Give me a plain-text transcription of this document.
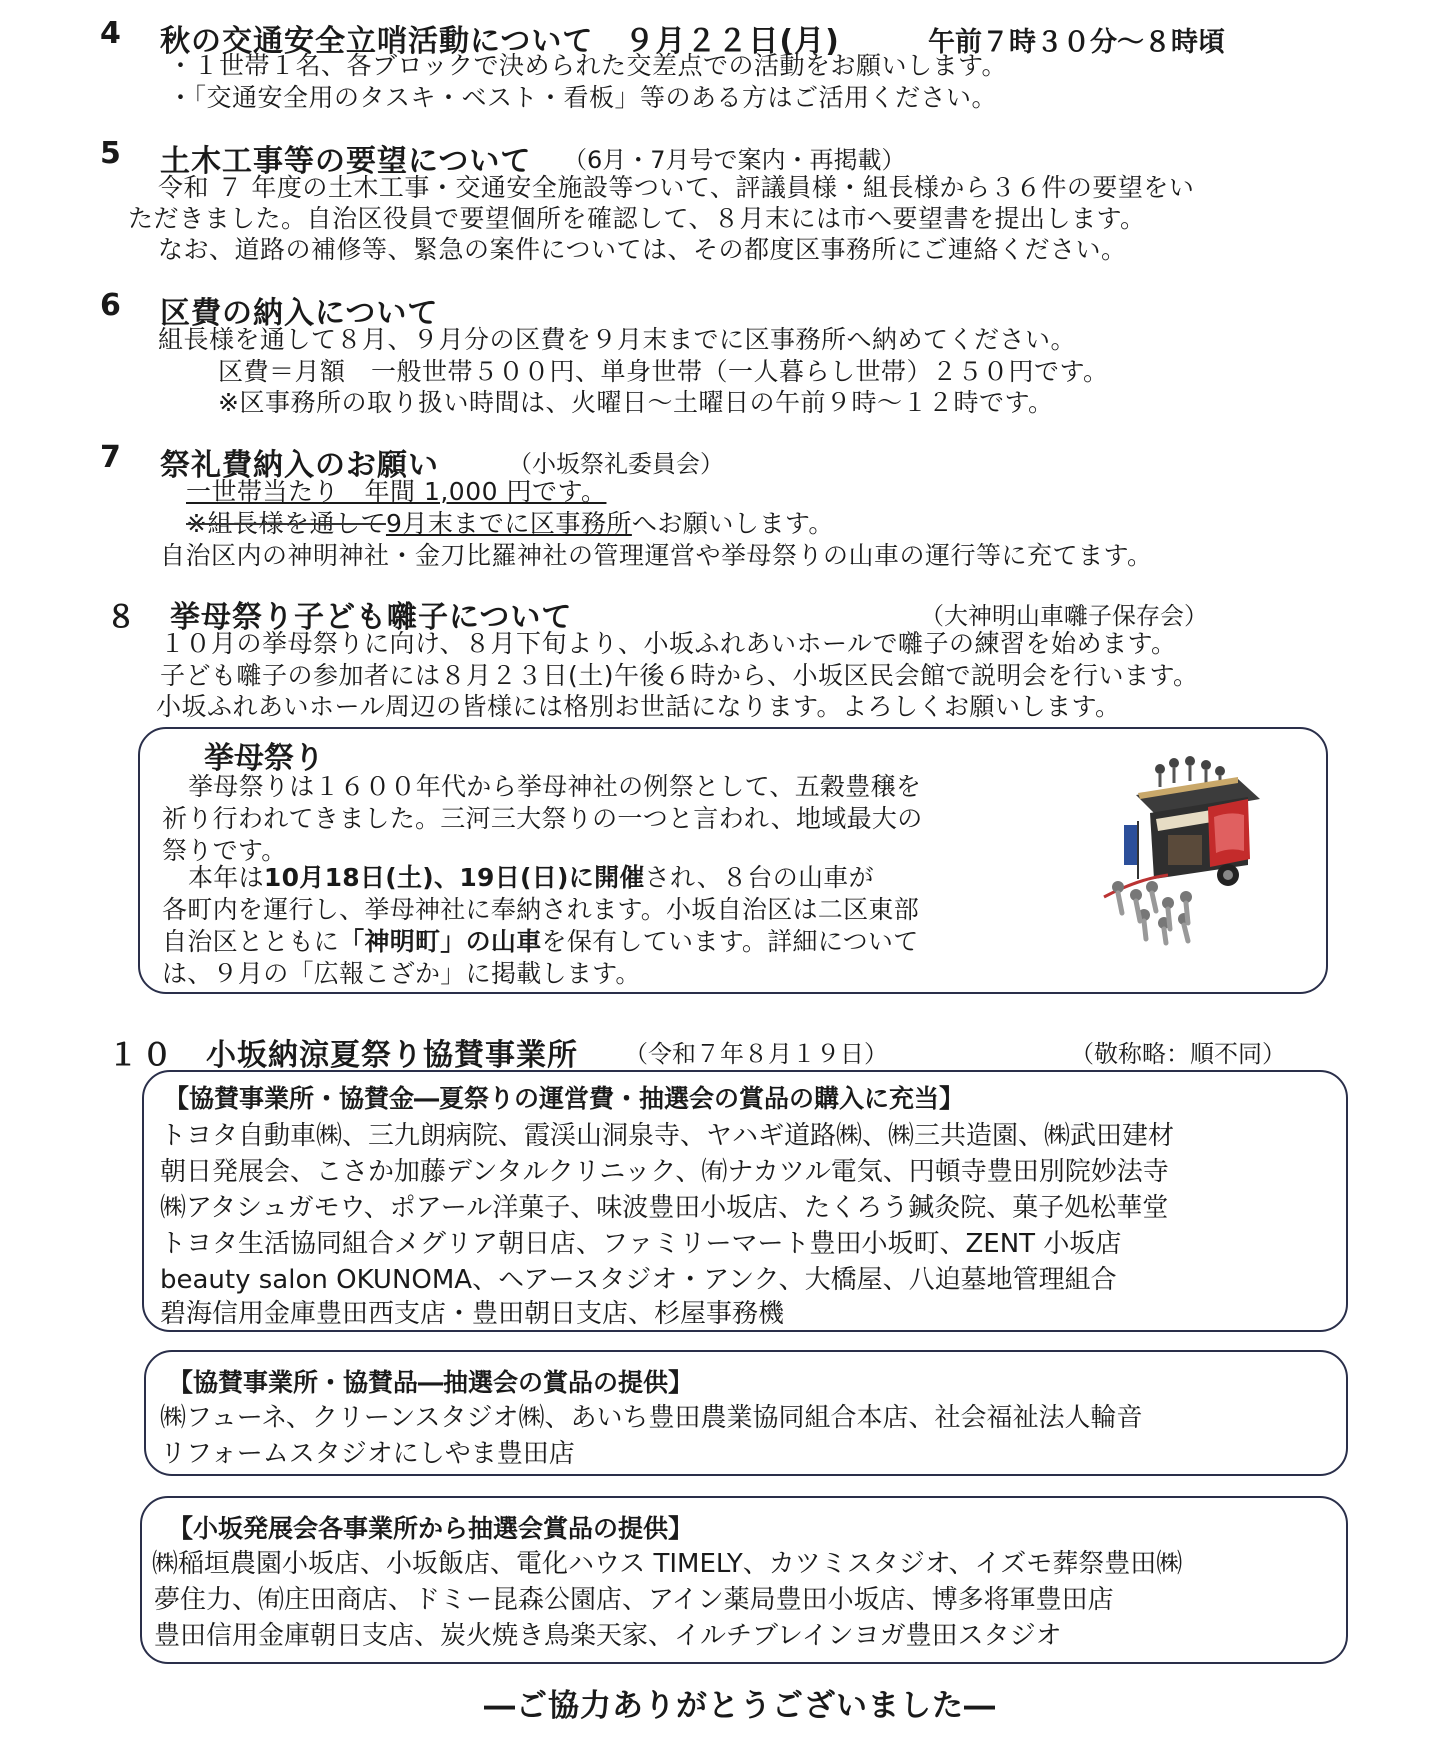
4 秋の交通安全立哨活動について　９月２２日(月)	午前７時３０分～８時頃
・１世帯１名、各ブロックで決められた交差点での活動をお願いします。
・「交通安全用のタスキ・ベスト・看板」等のある方はご活用ください。
5 土木工事等の要望について （6月・7月号で案内・再掲載）
令和 ７ 年度の土木工事・交通安全施設等ついて、評議員様・組長様から３６件の要望をい
ただきました。自治区役員で要望個所を確認して、８月末には市へ要望書を提出します。
なお、道路の補修等、緊急の案件については、その都度区事務所にご連絡ください。
6 区費の納入について
組長様を通して８月、９月分の区費を９月末までに区事務所へ納めてください。
区費＝月額　一般世帯５００円、単身世帯（一人暮らし世帯）２５０円です。
※区事務所の取り扱い時間は、火曜日～土曜日の午前９時～１２時です。
7 祭礼費納入のお願い	（小坂祭礼委員会）
一世帯当たり　年間 1,000 円です。
※組長様を通して9月末までに区事務所へお願いします。
自治区内の神明神社・金刀比羅神社の管理運営や挙母祭りの山車の運行等に充てます。
８ 挙母祭り子ども囃子について	（大神明山車囃子保存会）
１０月の挙母祭りに向け、８月下旬より、小坂ふれあいホールで囃子の練習を始めます。
子ども囃子の参加者には８月２３日(土)午後６時から、小坂区民会館で説明会を行います。
小坂ふれあいホール周辺の皆様には格別お世話になります。よろしくお願いします。
挙母祭り
挙母祭りは１６００年代から挙母神社の例祭として、五穀豊穣を
祈り行われてきました。三河三大祭りの一つと言われ、地域最大の
祭りです。
本年は10月18日(土)、19日(日)に開催され、８台の山車が
各町内を運行し、挙母神社に奉納されます。小坂自治区は二区東部
自治区とともに「神明町」の山車を保有しています。詳細について
は、９月の「広報こざか」に掲載します。
１０ 小坂納涼夏祭り協賛事業所 （令和７年８月１９日）	（敬称略：順不同）
【協賛事業所・協賛金―夏祭りの運営費・抽選会の賞品の購入に充当】
トヨタ自動車㈱、三九朗病院、霞渓山洞泉寺、ヤハギ道路㈱、㈱三共造園、㈱武田建材
朝日発展会、こさか加藤デンタルクリニック、㈲ナカツル電気、円頓寺豊田別院妙法寺
㈱アタシュガモウ、ポアール洋菓子、味波豊田小坂店、たくろう鍼灸院、菓子処松華堂
トヨタ生活協同組合メグリア朝日店、ファミリーマート豊田小坂町、ZENT 小坂店
beauty salon OKUNOMA、ヘアースタジオ・アンク、大橋屋、八迫墓地管理組合
碧海信用金庫豊田西支店・豊田朝日支店、杉屋事務機
【協賛事業所・協賛品―抽選会の賞品の提供】
㈱フューネ、クリーンスタジオ㈱、あいち豊田農業協同組合本店、社会福祉法人輪音
リフォームスタジオにしやま豊田店
【小坂発展会各事業所から抽選会賞品の提供】
㈱稲垣農園小坂店、小坂飯店、電化ハウス TIMELY、カツミスタジオ、イズモ葬祭豊田㈱
夢住力、㈲庄田商店、ドミー昆森公園店、アイン薬局豊田小坂店、博多将軍豊田店
豊田信用金庫朝日支店、炭火焼き鳥楽天家、イルチブレインヨガ豊田スタジオ
―ご協力ありがとうございました―
